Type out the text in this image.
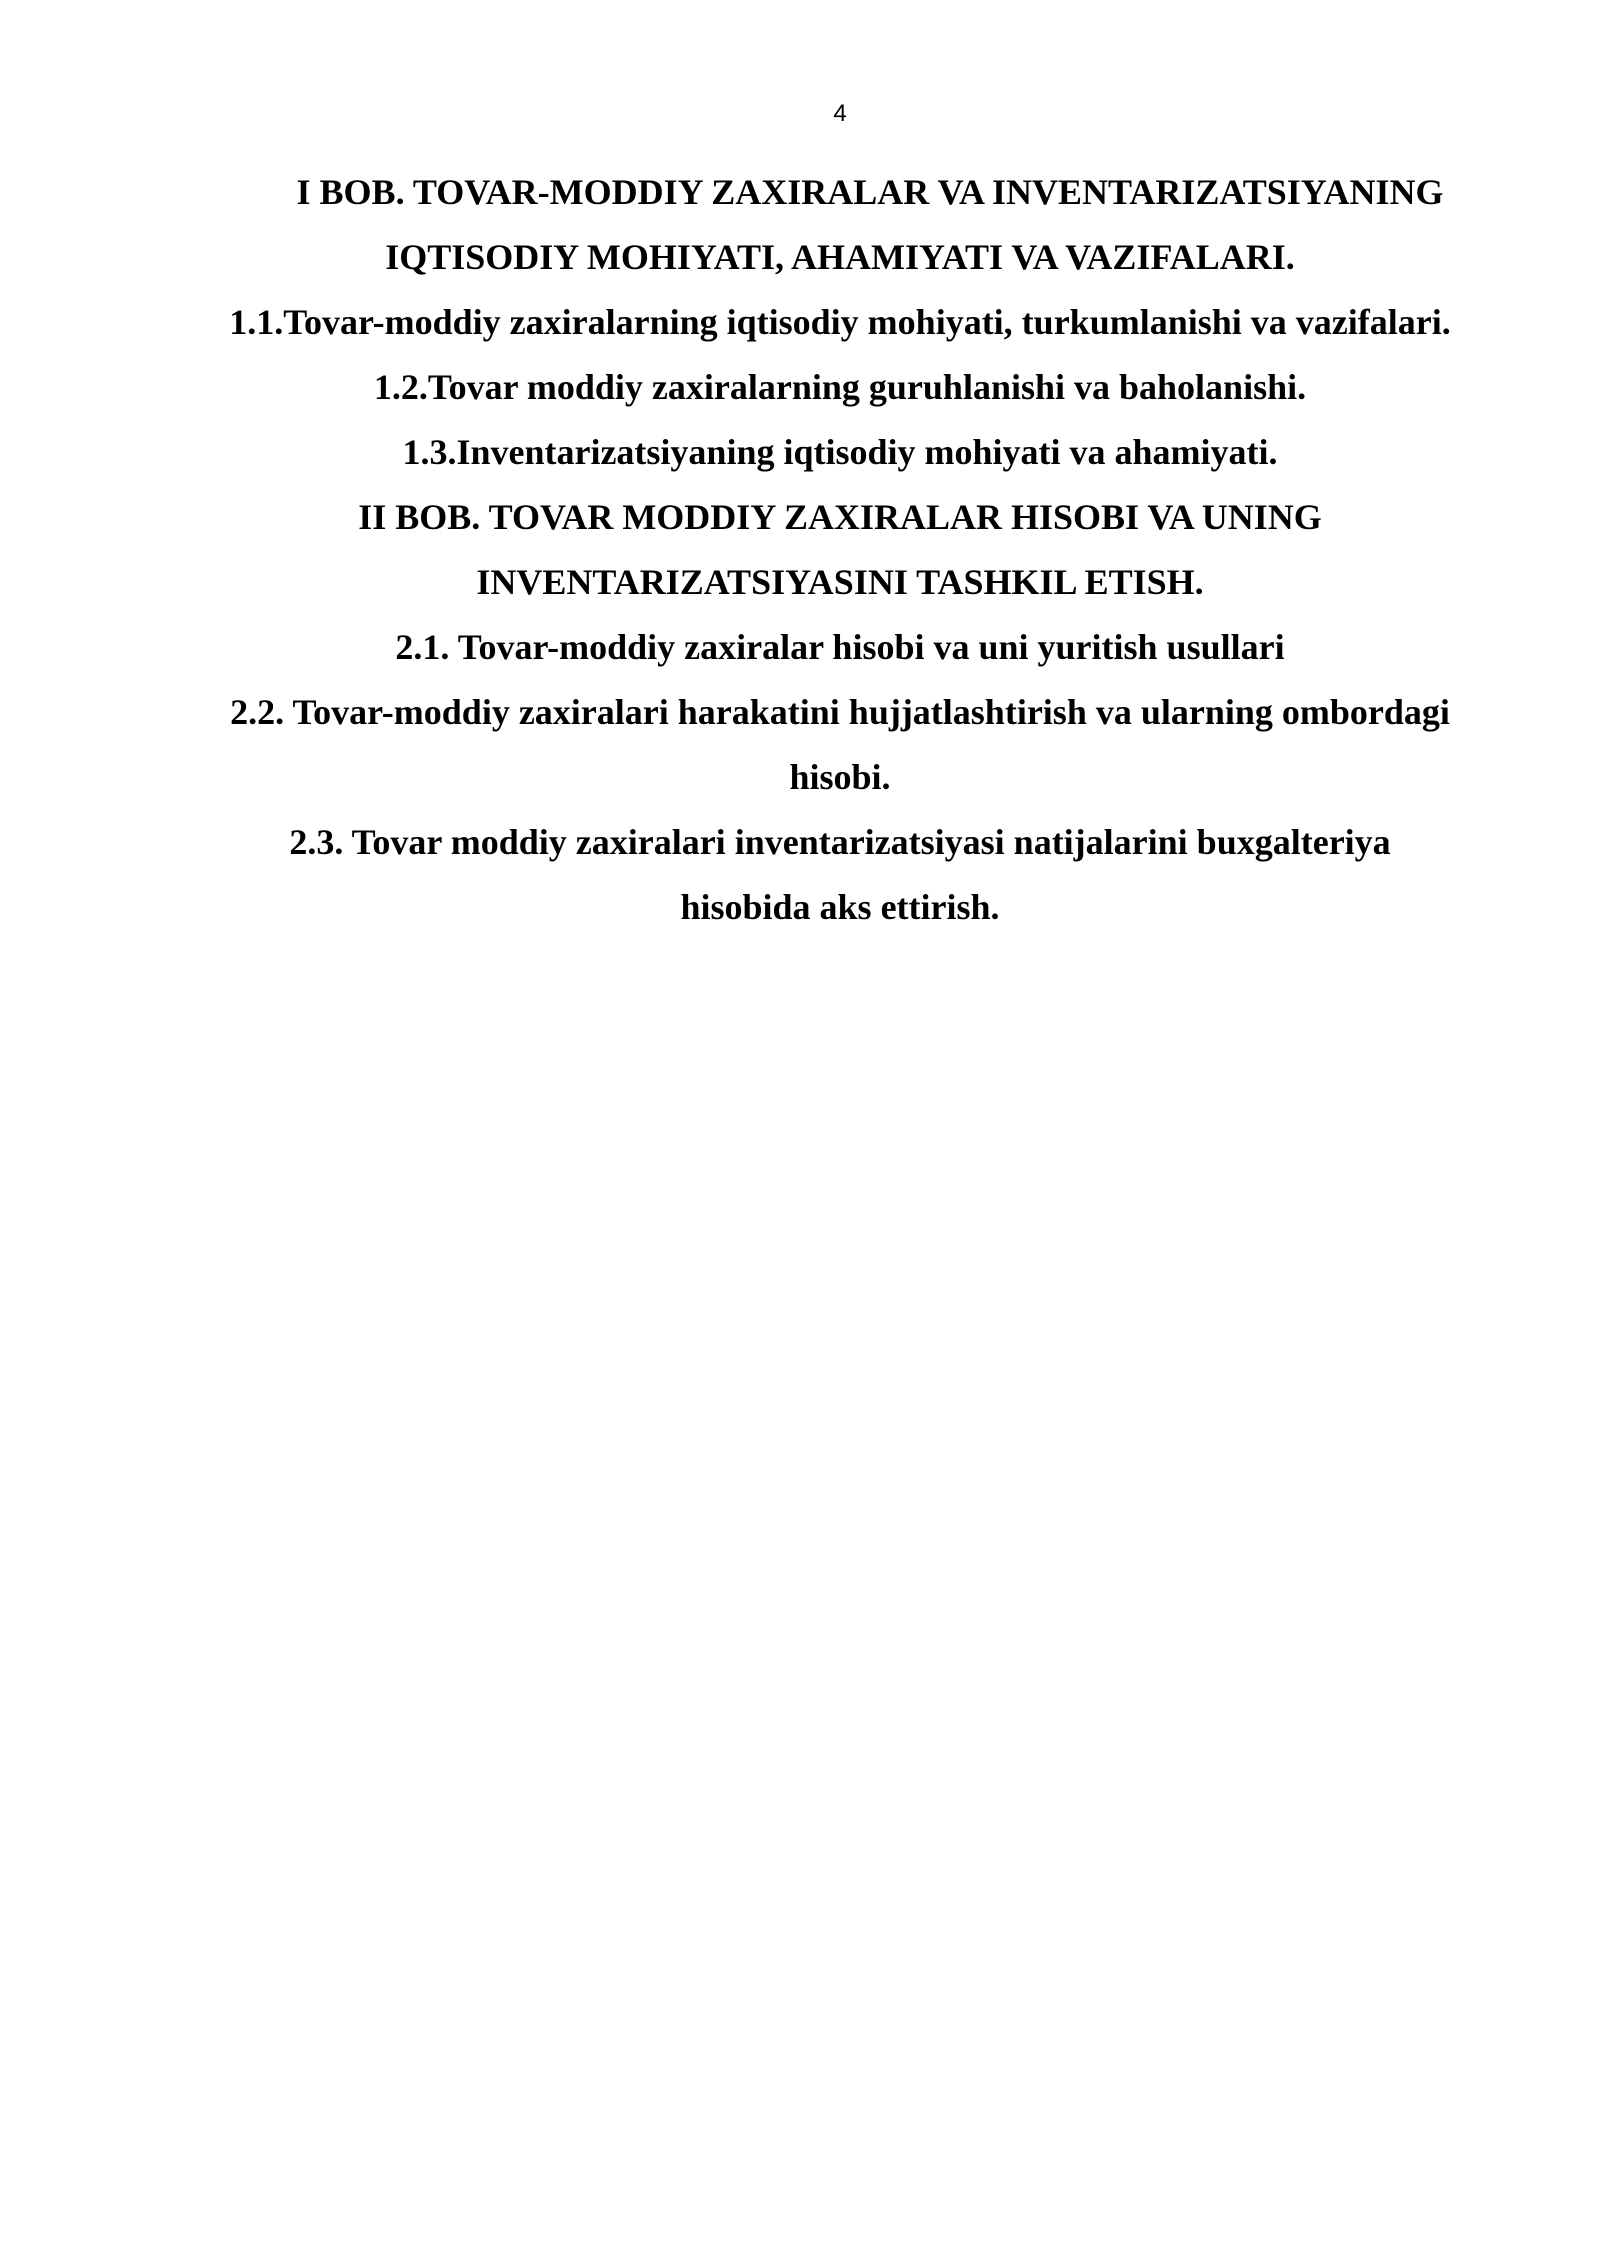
4

I BOB. TOVAR-MODDIY ZAXIRALAR VA INVENTARIZATSIYANING IQTISODIY MOHIYATI, AHAMIYATI VA VAZIFALARI.

1.1.Tovar-moddiy zaxiralarning iqtisodiy mohiyati, turkumlanishi va vazifalari.

1.2.Tovar moddiy zaxiralarning guruhlanishi va baholanishi.

1.3.Inventarizatsiyaning iqtisodiy mohiyati va ahamiyati.

II BOB. TOVAR MODDIY ZAXIRALAR HISOBI VA UNING INVENTARIZATSIYASINI TASHKIL ETISH.

2.1. Tovar-moddiy zaxiralar hisobi va uni yuritish usullari

2.2. Tovar-moddiy zaxiralari harakatini hujjatlashtirish va ularning ombordagi hisobi.

2.3. Tovar moddiy zaxiralari inventarizatsiyasi natijalarini buxgalteriya hisobida aks ettirish.
